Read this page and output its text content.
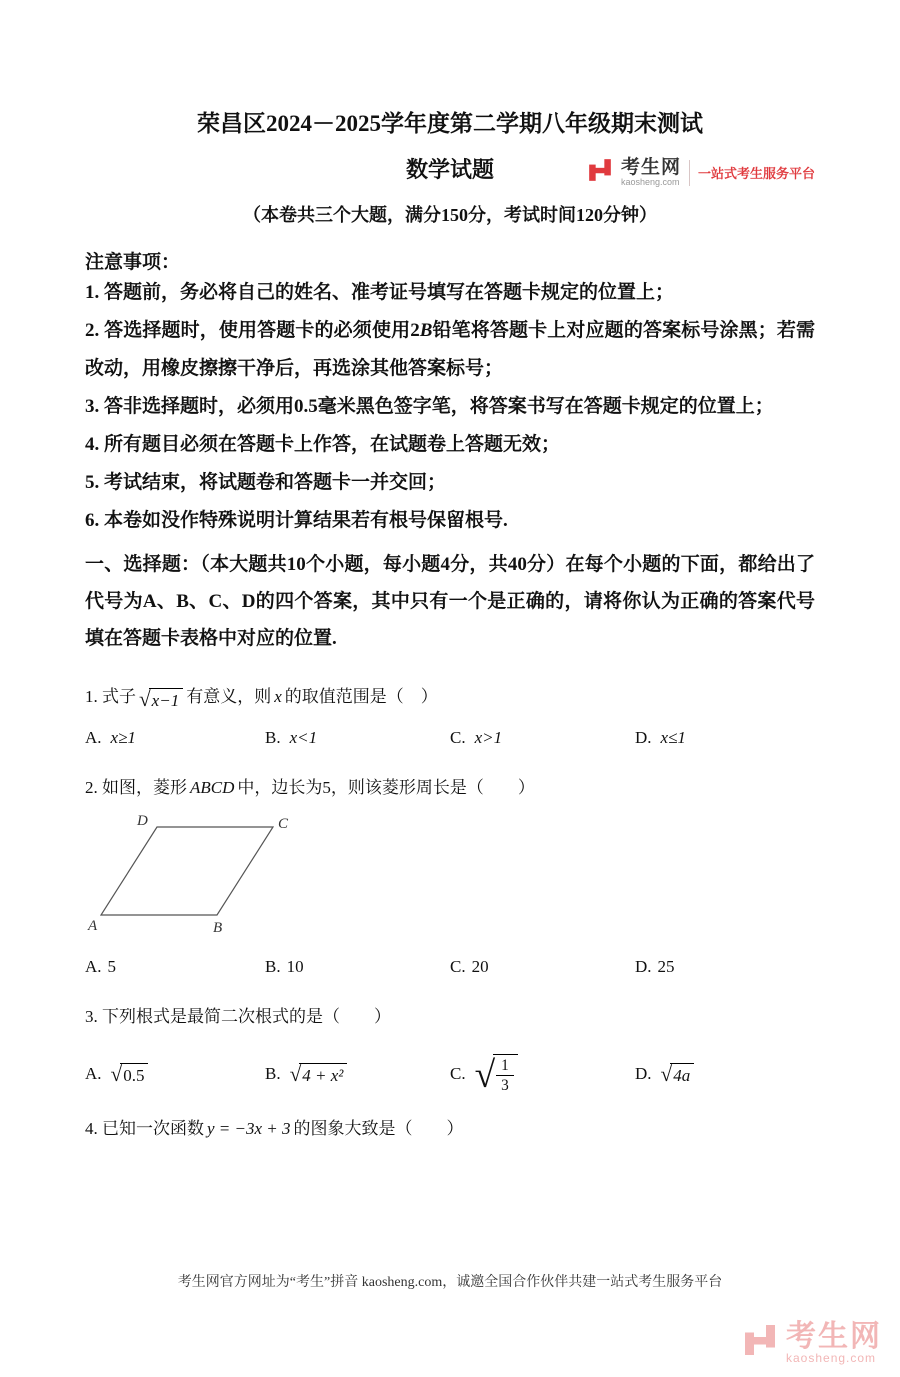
考生网
kaosheng.com
一站式考生服务平台
荣昌区2024－2025学年度第二学期八年级期末测试
数学试题

（本卷共三个大题，满分150分，考试时间120分钟）

注意事项：

1. 答题前，务必将自己的姓名、准考证号填写在答题卡规定的位置上；

2. 答选择题时，使用答题卡的必须使用2B铅笔将答题卡上对应题的答案标号涂黑；若需改动，用橡皮擦擦干净后，再选涂其他答案标号；

3. 答非选择题时，必须用0.5毫米黑色签字笔，将答案书写在答题卡规定的位置上；

4. 所有题目必须在答题卡上作答，在试题卷上答题无效；

5. 考试结束，将试题卷和答题卡一并交回；

6. 本卷如没作特殊说明计算结果若有根号保留根号.

一、选择题：（本大题共10个小题，每小题4分，共40分）在每个小题的下面，都给出了代号为A、B、C、D的四个答案，其中只有一个是正确的，请将你认为正确的答案代号填在答题卡表格中对应的位置.

1. 式子 √ x−1 有意义，则 x 的取值范围是（　）

A. x≥1	B. x<1	C. x>1	D. x≤1

2. 如图，菱形 ABCD 中，边长为5，则该菱形周长是（　　）

A	B
C
D
A. 5	B. 10	C. 20	D. 25

3. 下列根式是最简二次根式的是（　　）

A. √ 0.5	B. √ 4 + x²	C. √
$\frac{1}{3}$	D. √ 4a

4. 已知一次函数 y = −3x + 3 的图象大致是（　　）

考生网官方网址为“考生”拼音 kaosheng.com，诚邀全国合作伙伴共建一站式考生服务平台

考生网
kaosheng.com
